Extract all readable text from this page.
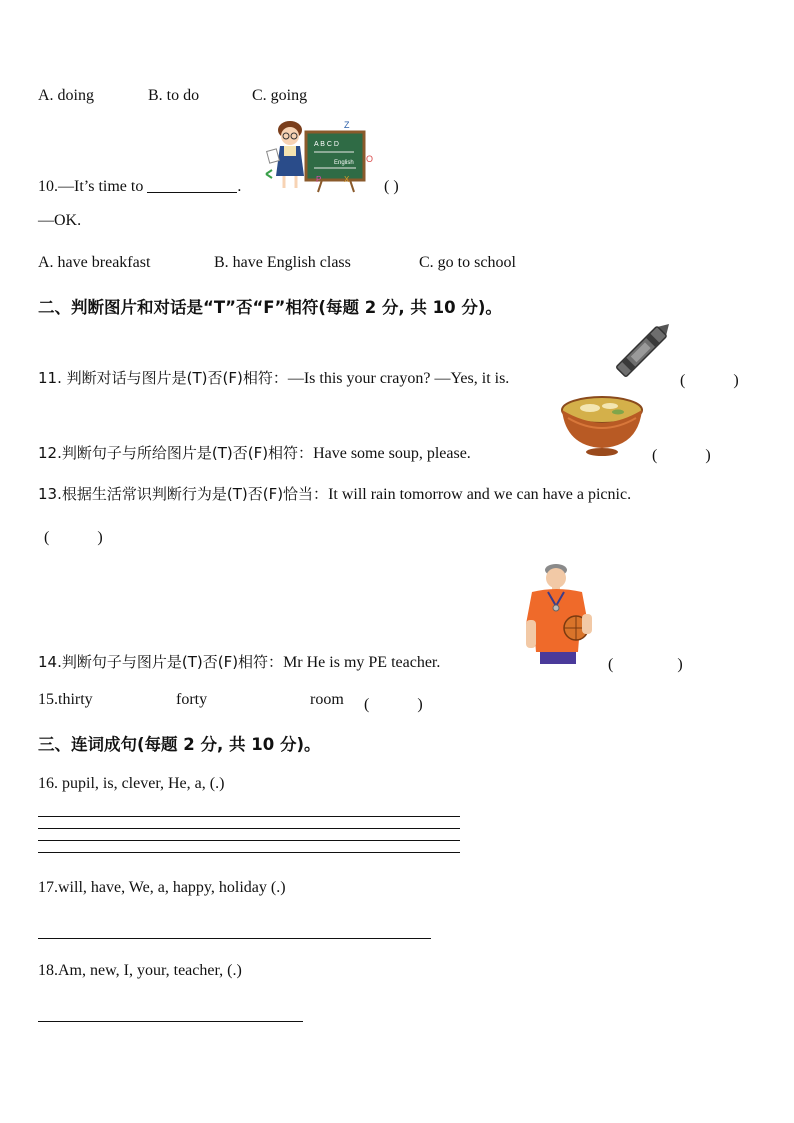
A. doing	B. to do	C. going
A B C D
English
Z
O
P	X
10.—It’s time to	.	( )
—OK.
A. have breakfast	B. have English class	C. go to school
二、判断图片和对话是“T”否“F”相符(每题 2 分, 共 10 分)。
11. 判断对话与图片是(T)否(F)相符：—Is this your crayon? —Yes, it is.	(　　　)
12.判断句子与所给图片是(T)否(F)相符：Have some soup, please.	(　　　)
13.根据生活常识判断行为是(T)否(F)恰当：It will rain tomorrow and we can have a picnic.
(　　　)
14.判断句子与图片是(T)否(F)相符：Mr He is my PE teacher.	(　　　　)
15.thirty	forty	room (　　　)
三、连词成句(每题 2 分, 共 10 分)。
16. pupil, is, clever, He, a, (.)
17.will, have, We, a, happy, holiday (.)
18.Am, new, I, your, teacher, (.)
